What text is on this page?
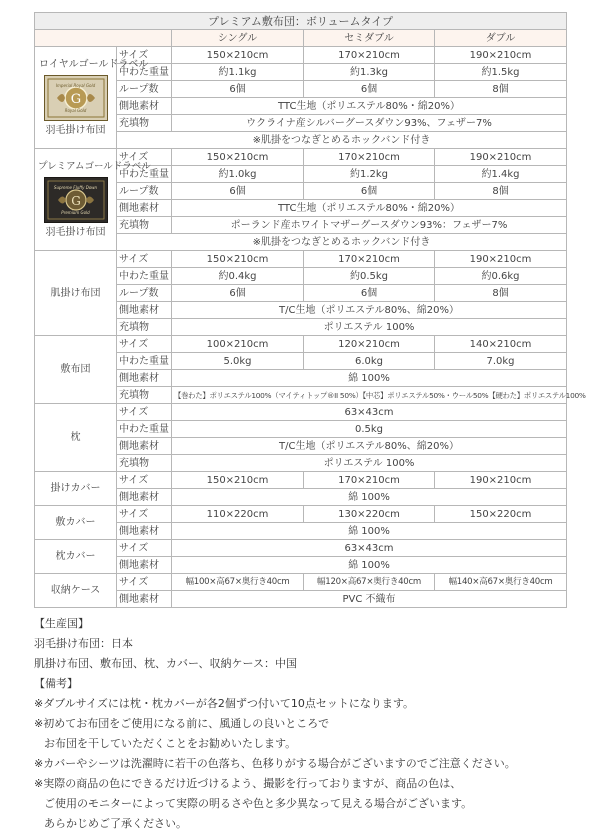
プレミアム敷布団：ボリュームタイプ				
		シングル	セミダブル	ダブル

ロイヤルゴールドラベル
G
Imperial Royal Gold
Royal Gold
羽毛掛け布団	サイズ	150×210cm	170×210cm	190×210cm
	中わた重量	約1.1kg	約1.3kg	約1.5kg
	ループ数	6個	6個	8個
	側地素材	TTC生地（ポリエステル80%・綿20%）		
	充填物	ウクライナ産シルバーグースダウン93%、フェザー7%		
	※肌掛をつなぎとめるホックバンド付き			

プレミアムゴールドラベル
G
Supreme Fluffy Down
Premium Gold
羽毛掛け布団	サイズ	150×210cm	170×210cm	190×210cm
	中わた重量	約1.0kg	約1.2kg	約1.4kg
	ループ数	6個	6個	8個
	側地素材	TTC生地（ポリエステル80%・綿20%）		
	充填物	ポーランド産ホワイトマザーグースダウン93%：フェザー7%		
	※肌掛をつなぎとめるホックバンド付き			
肌掛け布団	サイズ	150×210cm	170×210cm	190×210cm
	中わた重量	約0.4kg	約0.5kg	約0.6kg
	ループ数	6個	6個	8個
	側地素材	T/C生地（ポリエステル80%、綿20%）		
	充填物	ポリエステル 100%		
敷布団	サイズ	100×210cm	120×210cm	140×210cm
	中わた重量	5.0kg	6.0kg	7.0kg
	側地素材	綿 100%		
	充填物	【巻わた】ポリエステル100%（マイティトップ®II 50%）【中芯】ポリエステル50%・ウール50%【硬わた】ポリエステル100%		
枕	サイズ	63×43cm		
	中わた重量	0.5kg		
	側地素材	T/C生地（ポリエステル80%、綿20%）		
	充填物	ポリエステル 100%		
掛けカバー	サイズ	150×210cm	170×210cm	190×210cm
	側地素材	綿 100%		
敷カバー	サイズ	110×220cm	130×220cm	150×220cm
	側地素材	綿 100%		
枕カバー	サイズ	63×43cm		
	側地素材	綿 100%		
収納ケース	サイズ	幅100×高67×奥行き40cm	幅120×高67×奥行き40cm	幅140×高67×奥行き40cm
	側地素材	PVC 不織布		
【生産国】
羽毛掛け布団：日本
肌掛け布団、敷布団、枕、カバー、収納ケース：中国
【備考】
※ダブルサイズには枕・枕カバーが各2個ずつ付いて10点セットになります。
※初めてお布団をご使用になる前に、風通しの良いところで
お布団を干していただくことをお勧めいたします。
※カバーやシーツは洗濯時に若干の色落ち、色移りがする場合がございますのでご注意ください。
※実際の商品の色にできるだけ近づけるよう、撮影を行っておりますが、商品の色は、
ご使用のモニターによって実際の明るさや色と多少異なって見える場合がございます。
あらかじめご了承ください。
